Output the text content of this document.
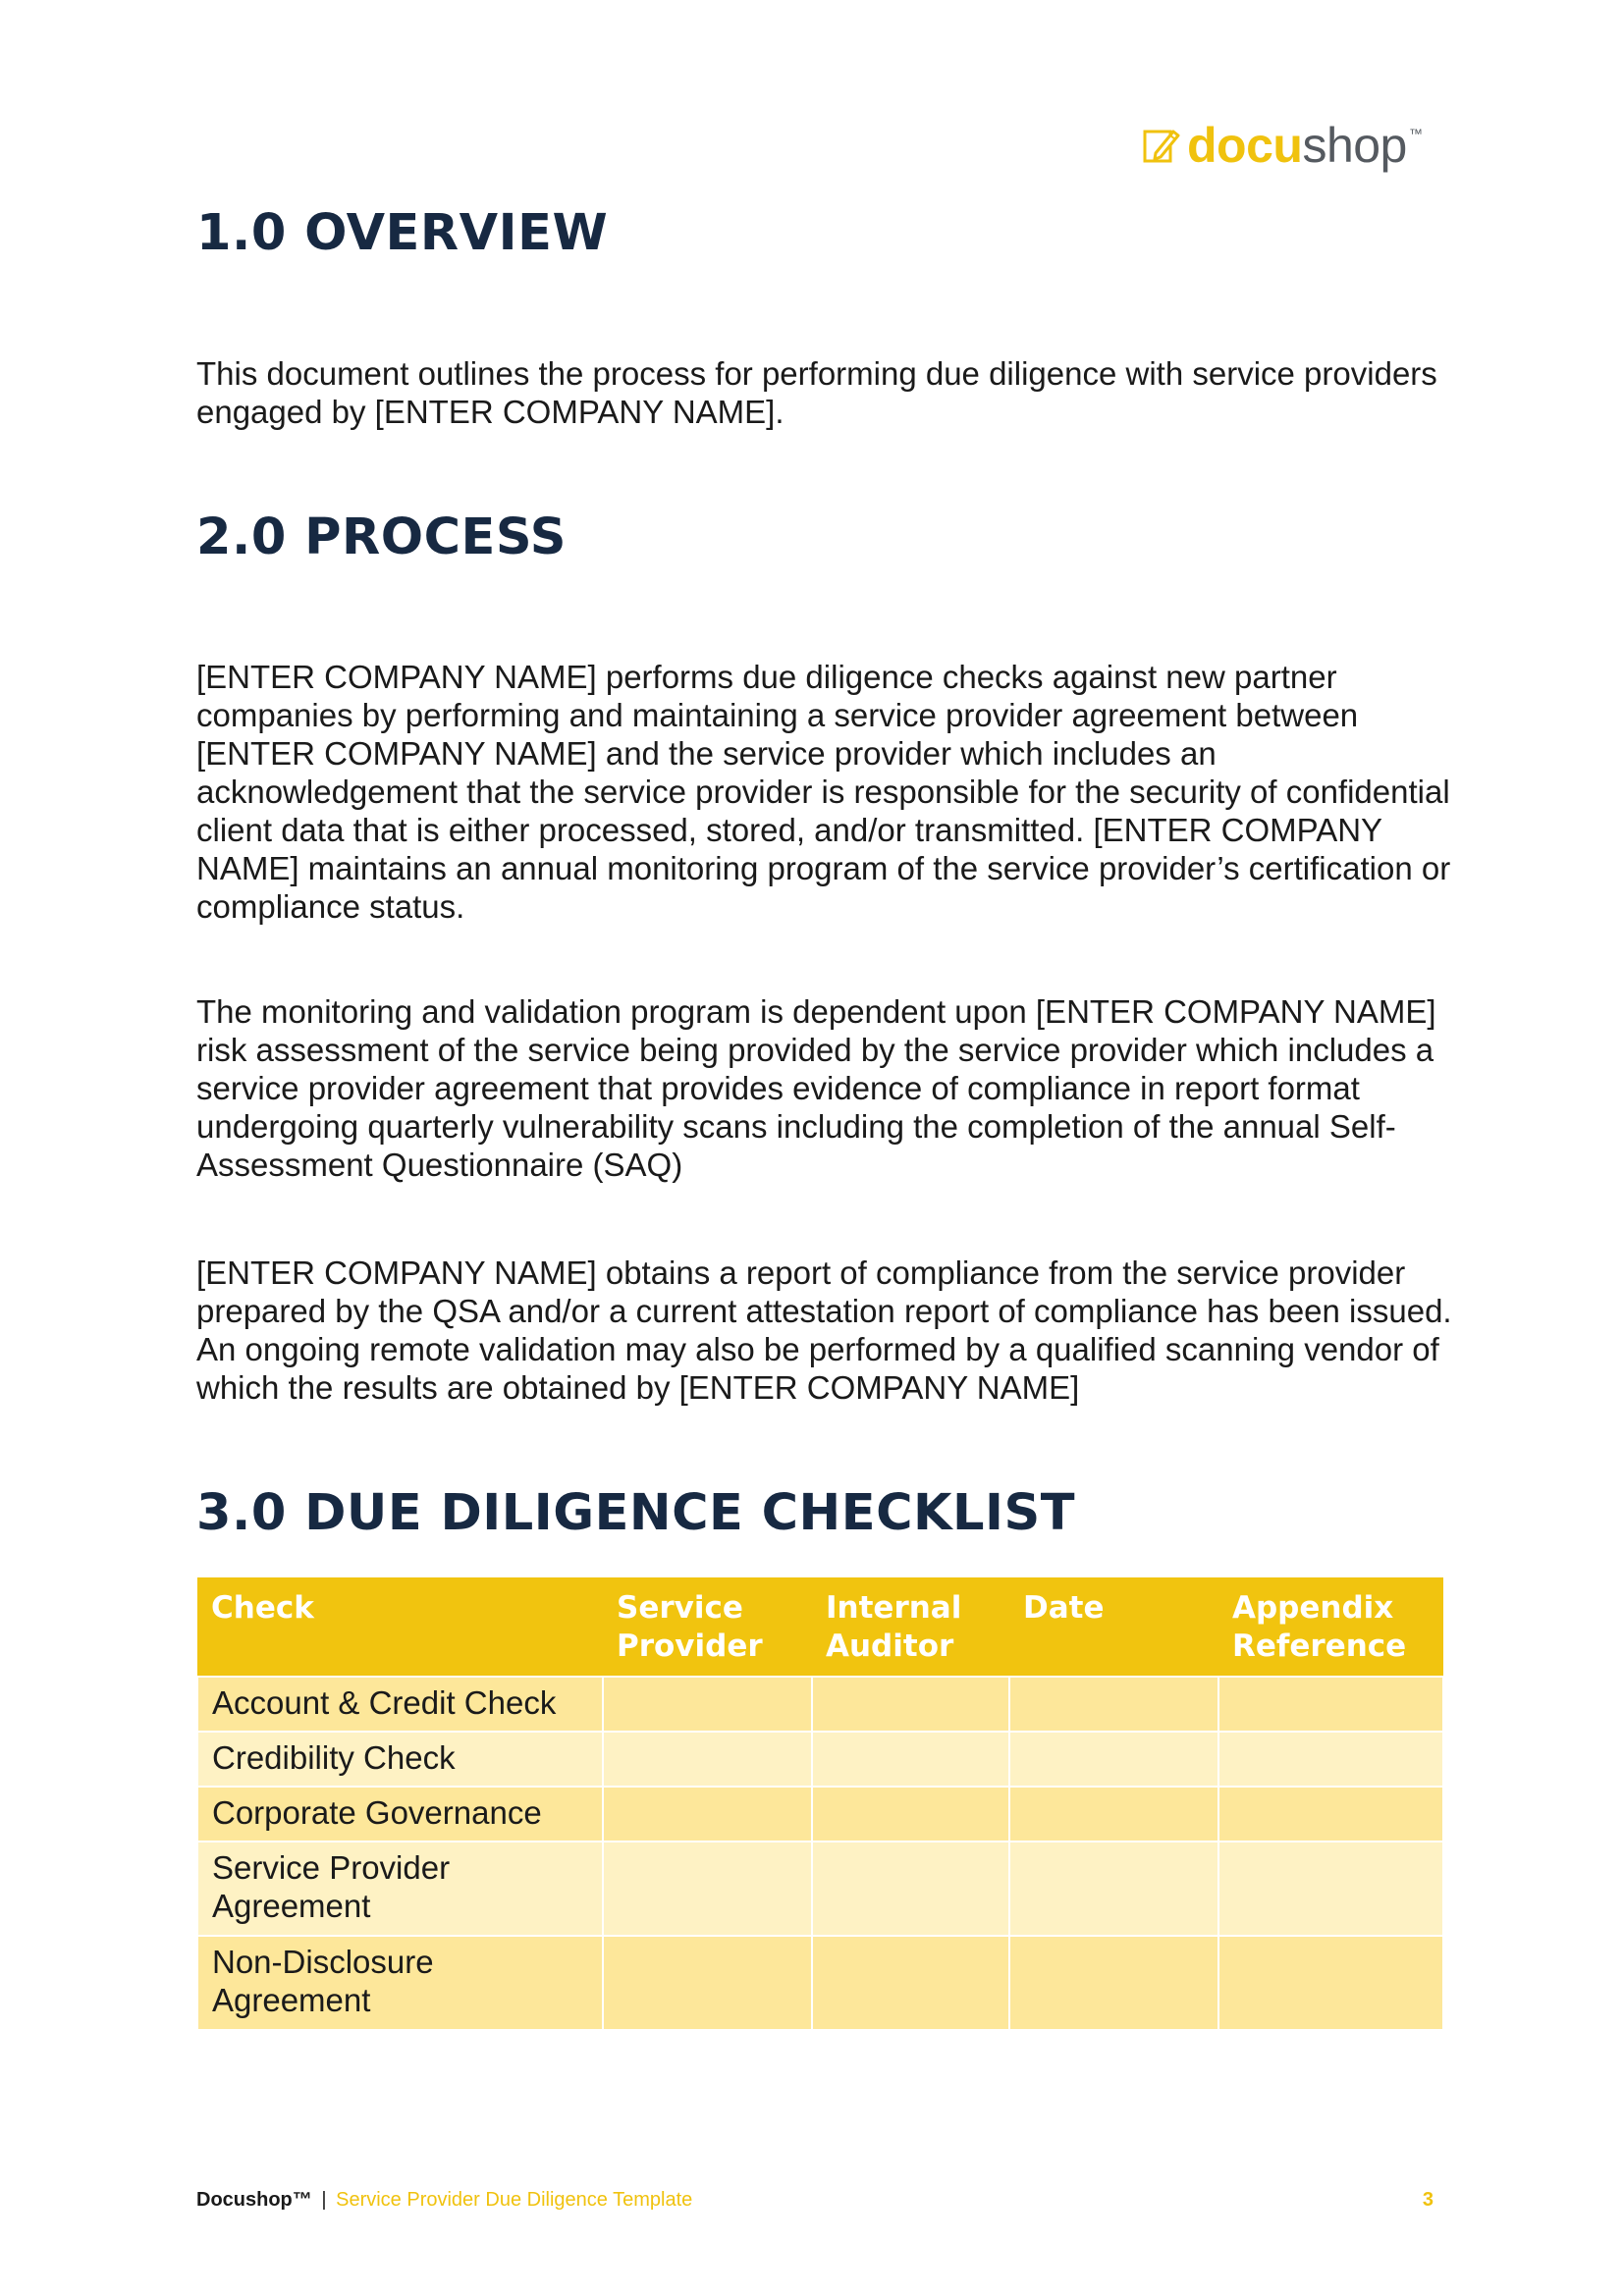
docushop ™
1.0 OVERVIEW

This document outlines the process for performing due diligence with service providers engaged by [ENTER COMPANY NAME].

2.0 PROCESS

[ENTER COMPANY NAME] performs due diligence checks against new partner companies by performing and maintaining a service provider agreement between [ENTER COMPANY NAME] and the service provider which includes an acknowledgement that the service provider is responsible for the security of confidential client data that is either processed, stored, and/or transmitted. [ENTER COMPANY NAME] maintains an annual monitoring program of the service provider’s certification or compliance status.

The monitoring and validation program is dependent upon [ENTER COMPANY NAME] risk assessment of the service being provided by the service provider which includes a service provider agreement that provides evidence of compliance in report format undergoing quarterly vulnerability scans including the completion of the annual Self-Assessment Questionnaire (SAQ)

[ENTER COMPANY NAME] obtains a report of compliance from the service provider prepared by the QSA and/or a current attestation report of compliance has been issued. An ongoing remote validation may also be performed by a qualified scanning vendor of which the results are obtained by [ENTER COMPANY NAME]

3.0 DUE DILIGENCE CHECKLIST
Check	Service Provider	Internal Auditor	Date	Appendix Reference
Account & Credit Check				
Credibility Check				
Corporate Governance				
Service Provider Agreement				
Non-Disclosure Agreement				
Docushop™ | Service Provider Due Diligence Template	3
